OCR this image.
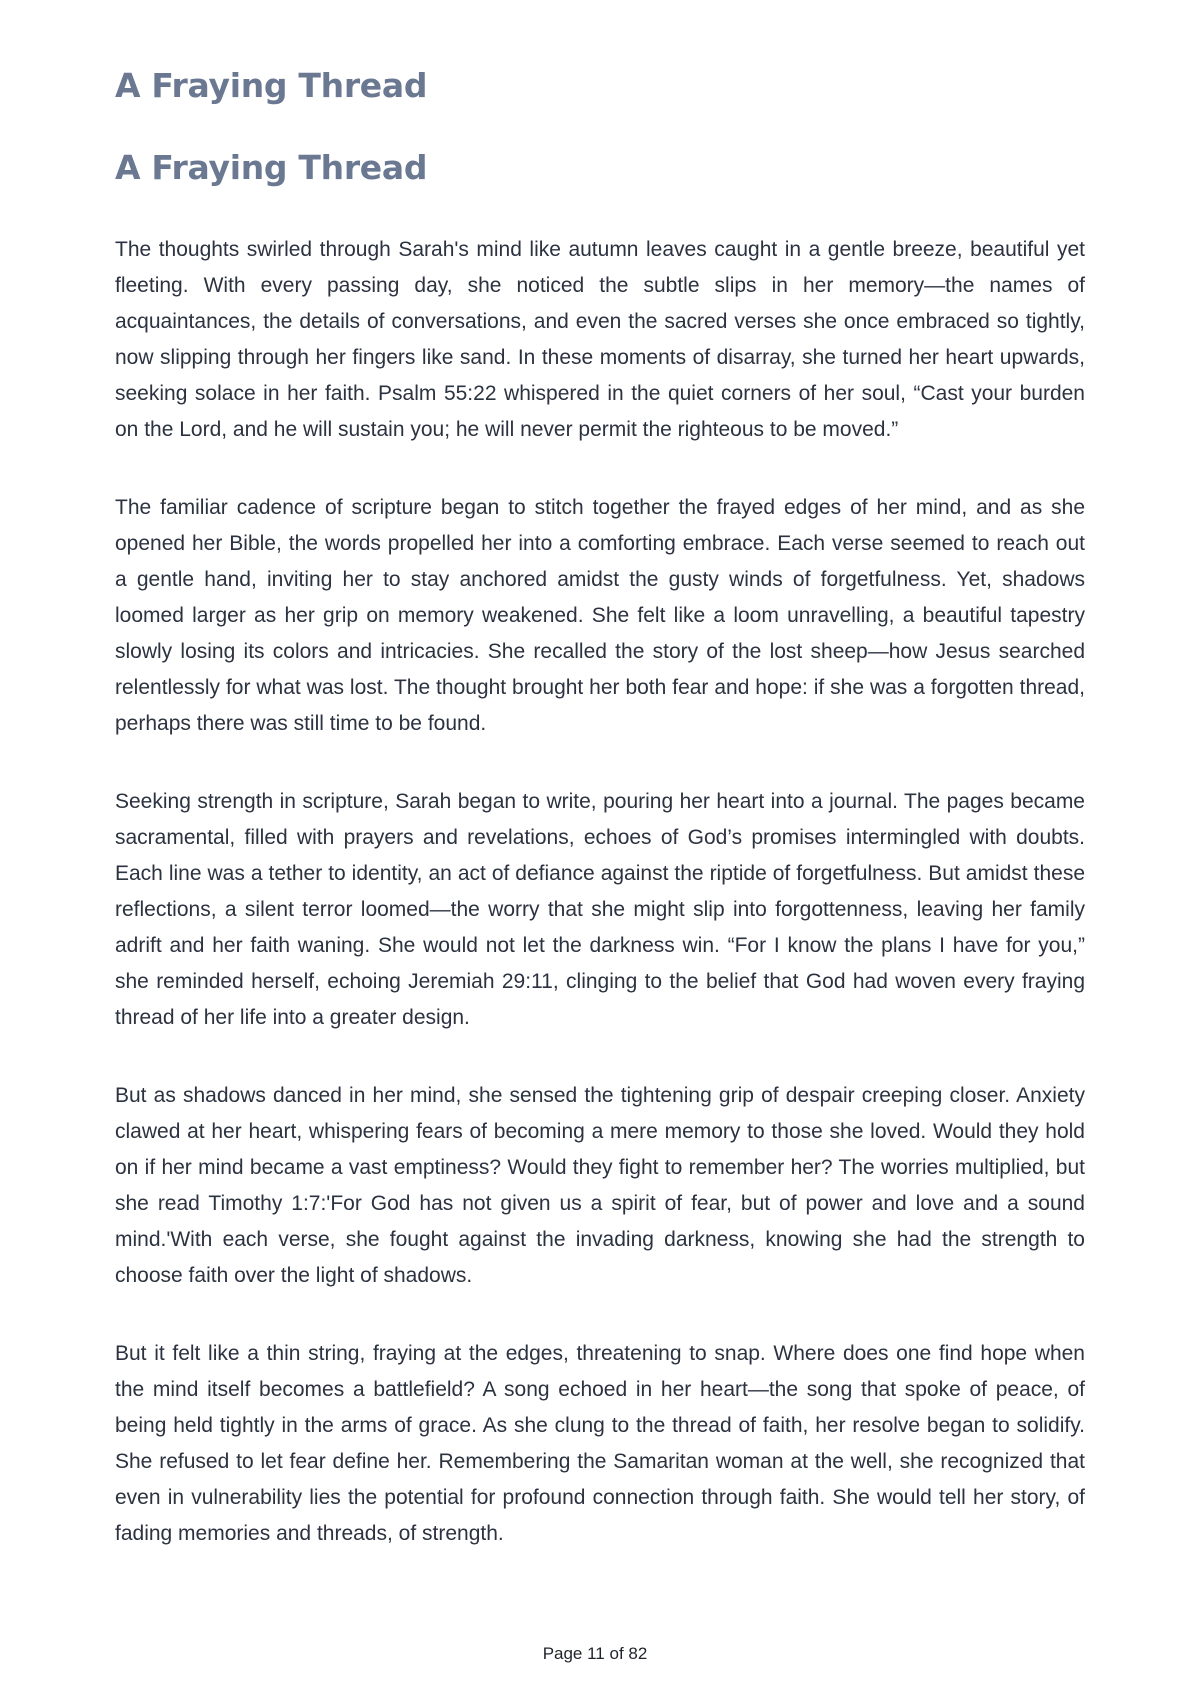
A Fraying Thread
A Fraying Thread

The thoughts swirled through Sarah's mind like autumn leaves caught in a gentle breeze, beautiful yet fleeting. With every passing day, she noticed the subtle slips in her memory—the names of acquaintances, the details of conversations, and even the sacred verses she once embraced so tightly, now slipping through her fingers like sand. In these moments of disarray, she turned her heart upwards, seeking solace in her faith. Psalm 55:22 whispered in the quiet corners of her soul, “Cast your burden on the Lord, and he will sustain you; he will never permit the righteous to be moved.”

The familiar cadence of scripture began to stitch together the frayed edges of her mind, and as she opened her Bible, the words propelled her into a comforting embrace. Each verse seemed to reach out a gentle hand, inviting her to stay anchored amidst the gusty winds of forgetfulness. Yet, shadows loomed larger as her grip on memory weakened. She felt like a loom unravelling, a beautiful tapestry slowly losing its colors and intricacies. She recalled the story of the lost sheep—how Jesus searched relentlessly for what was lost. The thought brought her both fear and hope: if she was a forgotten thread, perhaps there was still time to be found.

Seeking strength in scripture, Sarah began to write, pouring her heart into a journal. The pages became sacramental, filled with prayers and revelations, echoes of God’s promises intermingled with doubts. Each line was a tether to identity, an act of defiance against the riptide of forgetfulness. But amidst these reflections, a silent terror loomed—the worry that she might slip into forgottenness, leaving her family adrift and her faith waning. She would not let the darkness win. “For I know the plans I have for you,” she reminded herself, echoing Jeremiah 29:11, clinging to the belief that God had woven every fraying thread of her life into a greater design.

But as shadows danced in her mind, she sensed the tightening grip of despair creeping closer. Anxiety clawed at her heart, whispering fears of becoming a mere memory to those she loved. Would they hold on if her mind became a vast emptiness? Would they fight to remember her? The worries multiplied, but she read Timothy 1:7:'For God has not given us a spirit of fear, but of power and love and a sound mind.'With each verse, she fought against the invading darkness, knowing she had the strength to choose faith over the light of shadows.

But it felt like a thin string, fraying at the edges, threatening to snap. Where does one find hope when the mind itself becomes a battlefield? A song echoed in her heart—the song that spoke of peace, of being held tightly in the arms of grace. As she clung to the thread of faith, her resolve began to solidify. She refused to let fear define her. Remembering the Samaritan woman at the well, she recognized that even in vulnerability lies the potential for profound connection through faith. She would tell her story, of fading memories and threads, of strength.

Page 11 of 82
